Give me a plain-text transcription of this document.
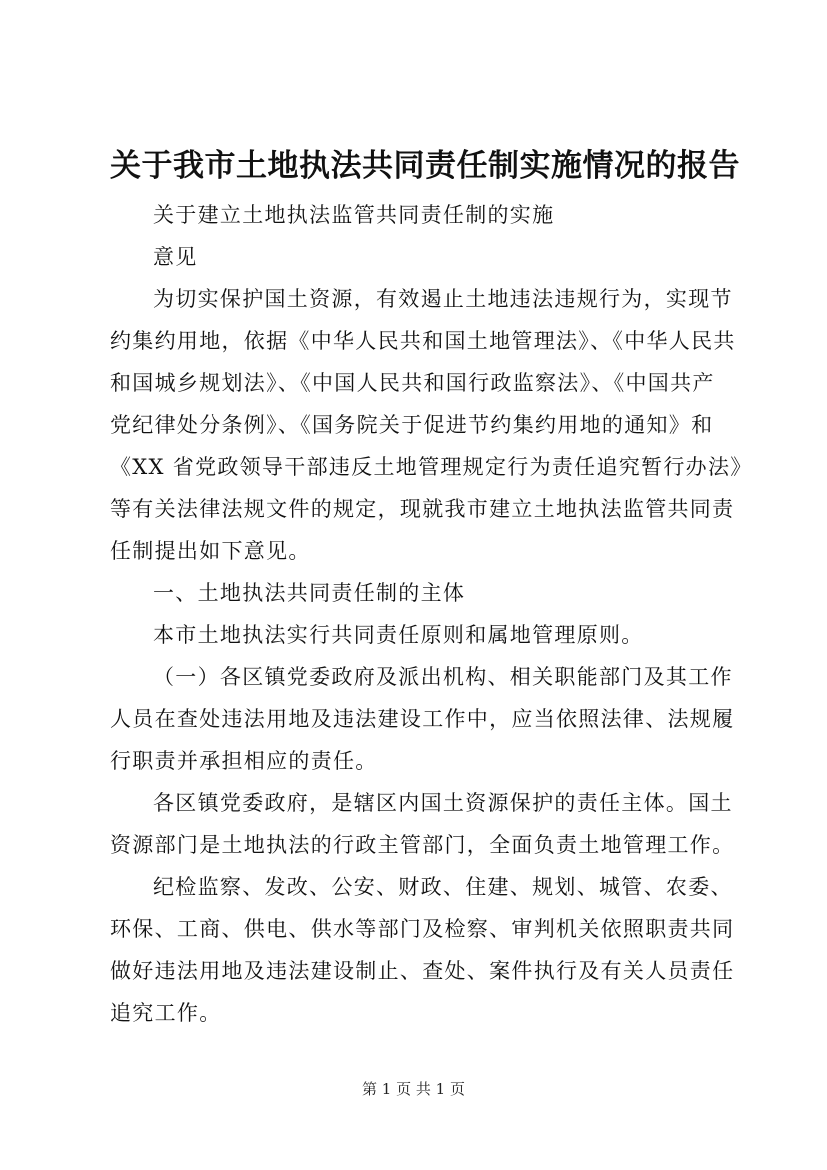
关于我市土地执法共同责任制实施情况的报告
关于建立土地执法监管共同责任制的实施
意见
为切实保护国土资源，有效遏止土地违法违规行为，实现节
约集约用地，依据《中华人民共和国土地管理法》、《中华人民共
和国城乡规划法》、《中国人民共和国行政监察法》、《中国共产
党纪律处分条例》、《国务院关于促进节约集约用地的通知》和
《XX 省党政领导干部违反土地管理规定行为责任追究暂行办法》
等有关法律法规文件的规定，现就我市建立土地执法监管共同责
任制提出如下意见。
一、土地执法共同责任制的主体
本市土地执法实行共同责任原则和属地管理原则。
（一）各区镇党委政府及派出机构、相关职能部门及其工作
人员在查处违法用地及违法建设工作中，应当依照法律、法规履
行职责并承担相应的责任。
各区镇党委政府，是辖区内国土资源保护的责任主体。国土
资源部门是土地执法的行政主管部门，全面负责土地管理工作。
纪检监察、发改、公安、财政、住建、规划、城管、农委、
环保、工商、供电、供水等部门及检察、审判机关依照职责共同
做好违法用地及违法建设制止、查处、案件执行及有关人员责任
追究工作。
第 1 页 共 1 页
